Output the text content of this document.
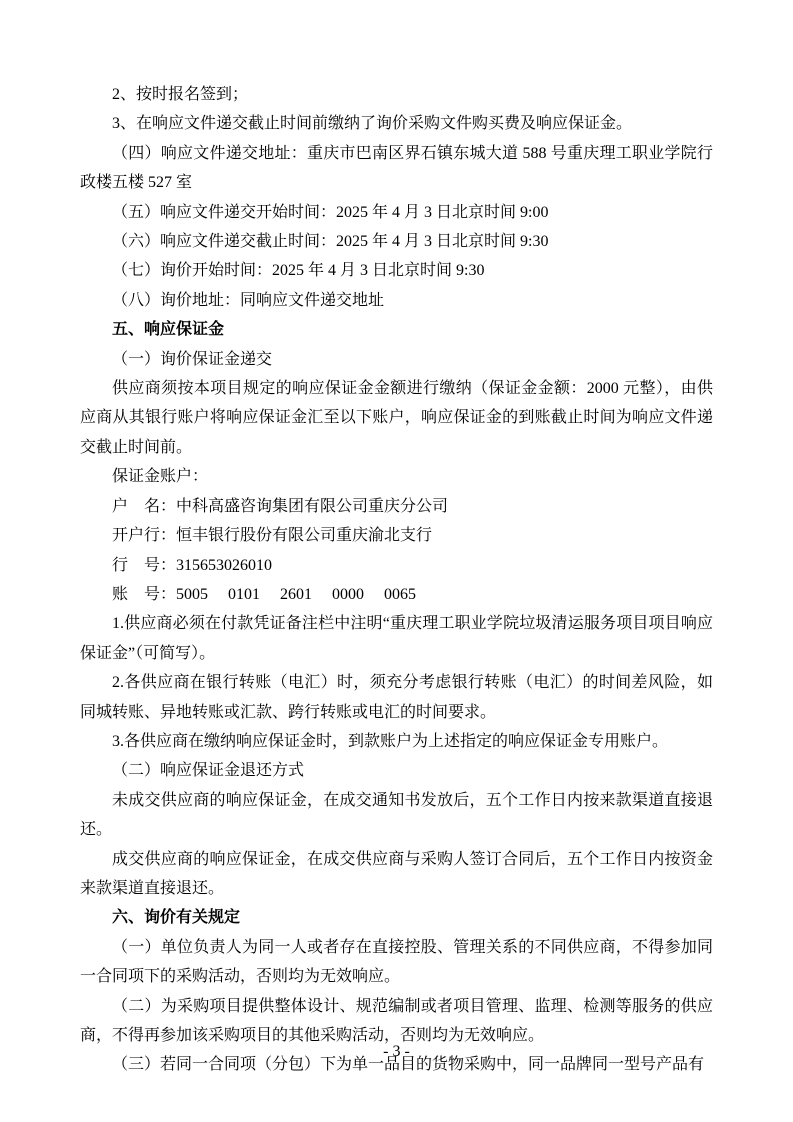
2、按时报名签到；

3、在响应文件递交截止时间前缴纳了询价采购文件购买费及响应保证金。

（四）响应文件递交地址：重庆市巴南区界石镇东城大道 588 号重庆理工职业学院行政楼五楼 527 室

（五）响应文件递交开始时间：2025 年 4 月 3 日北京时间 9:00

（六）响应文件递交截止时间：2025 年 4 月 3 日北京时间 9:30

（七）询价开始时间：2025 年 4 月 3 日北京时间 9:30

（八）询价地址：同响应文件递交地址

五、响应保证金

（一）询价保证金递交

供应商须按本项目规定的响应保证金金额进行缴纳（保证金金额：2000 元整），由供应商从其银行账户将响应保证金汇至以下账户，响应保证金的到账截止时间为响应文件递交截止时间前。

保证金账户：

户　名：中科高盛咨询集团有限公司重庆分公司

开户行：恒丰银行股份有限公司重庆渝北支行

行　号：315653026010

账　号：5005　 0101　 2601　 0000　 0065

1.供应商必须在付款凭证备注栏中注明“重庆理工职业学院垃圾清运服务项目项目响应保证金”（可简写）。

2.各供应商在银行转账（电汇）时，须充分考虑银行转账（电汇）的时间差风险，如同城转账、异地转账或汇款、跨行转账或电汇的时间要求。

3.各供应商在缴纳响应保证金时，到款账户为上述指定的响应保证金专用账户。

（二）响应保证金退还方式

未成交供应商的响应保证金，在成交通知书发放后，五个工作日内按来款渠道直接退还。

成交供应商的响应保证金，在成交供应商与采购人签订合同后，五个工作日内按资金来款渠道直接退还。

六、询价有关规定

（一）单位负责人为同一人或者存在直接控股、管理关系的不同供应商，不得参加同一合同项下的采购活动，否则均为无效响应。

（二）为采购项目提供整体设计、规范编制或者项目管理、监理、检测等服务的供应商，不得再参加该采购项目的其他采购活动，否则均为无效响应。

（三）若同一合同项（分包）下为单一品目的货物采购中，同一品牌同一型号产品有

- 3 -
